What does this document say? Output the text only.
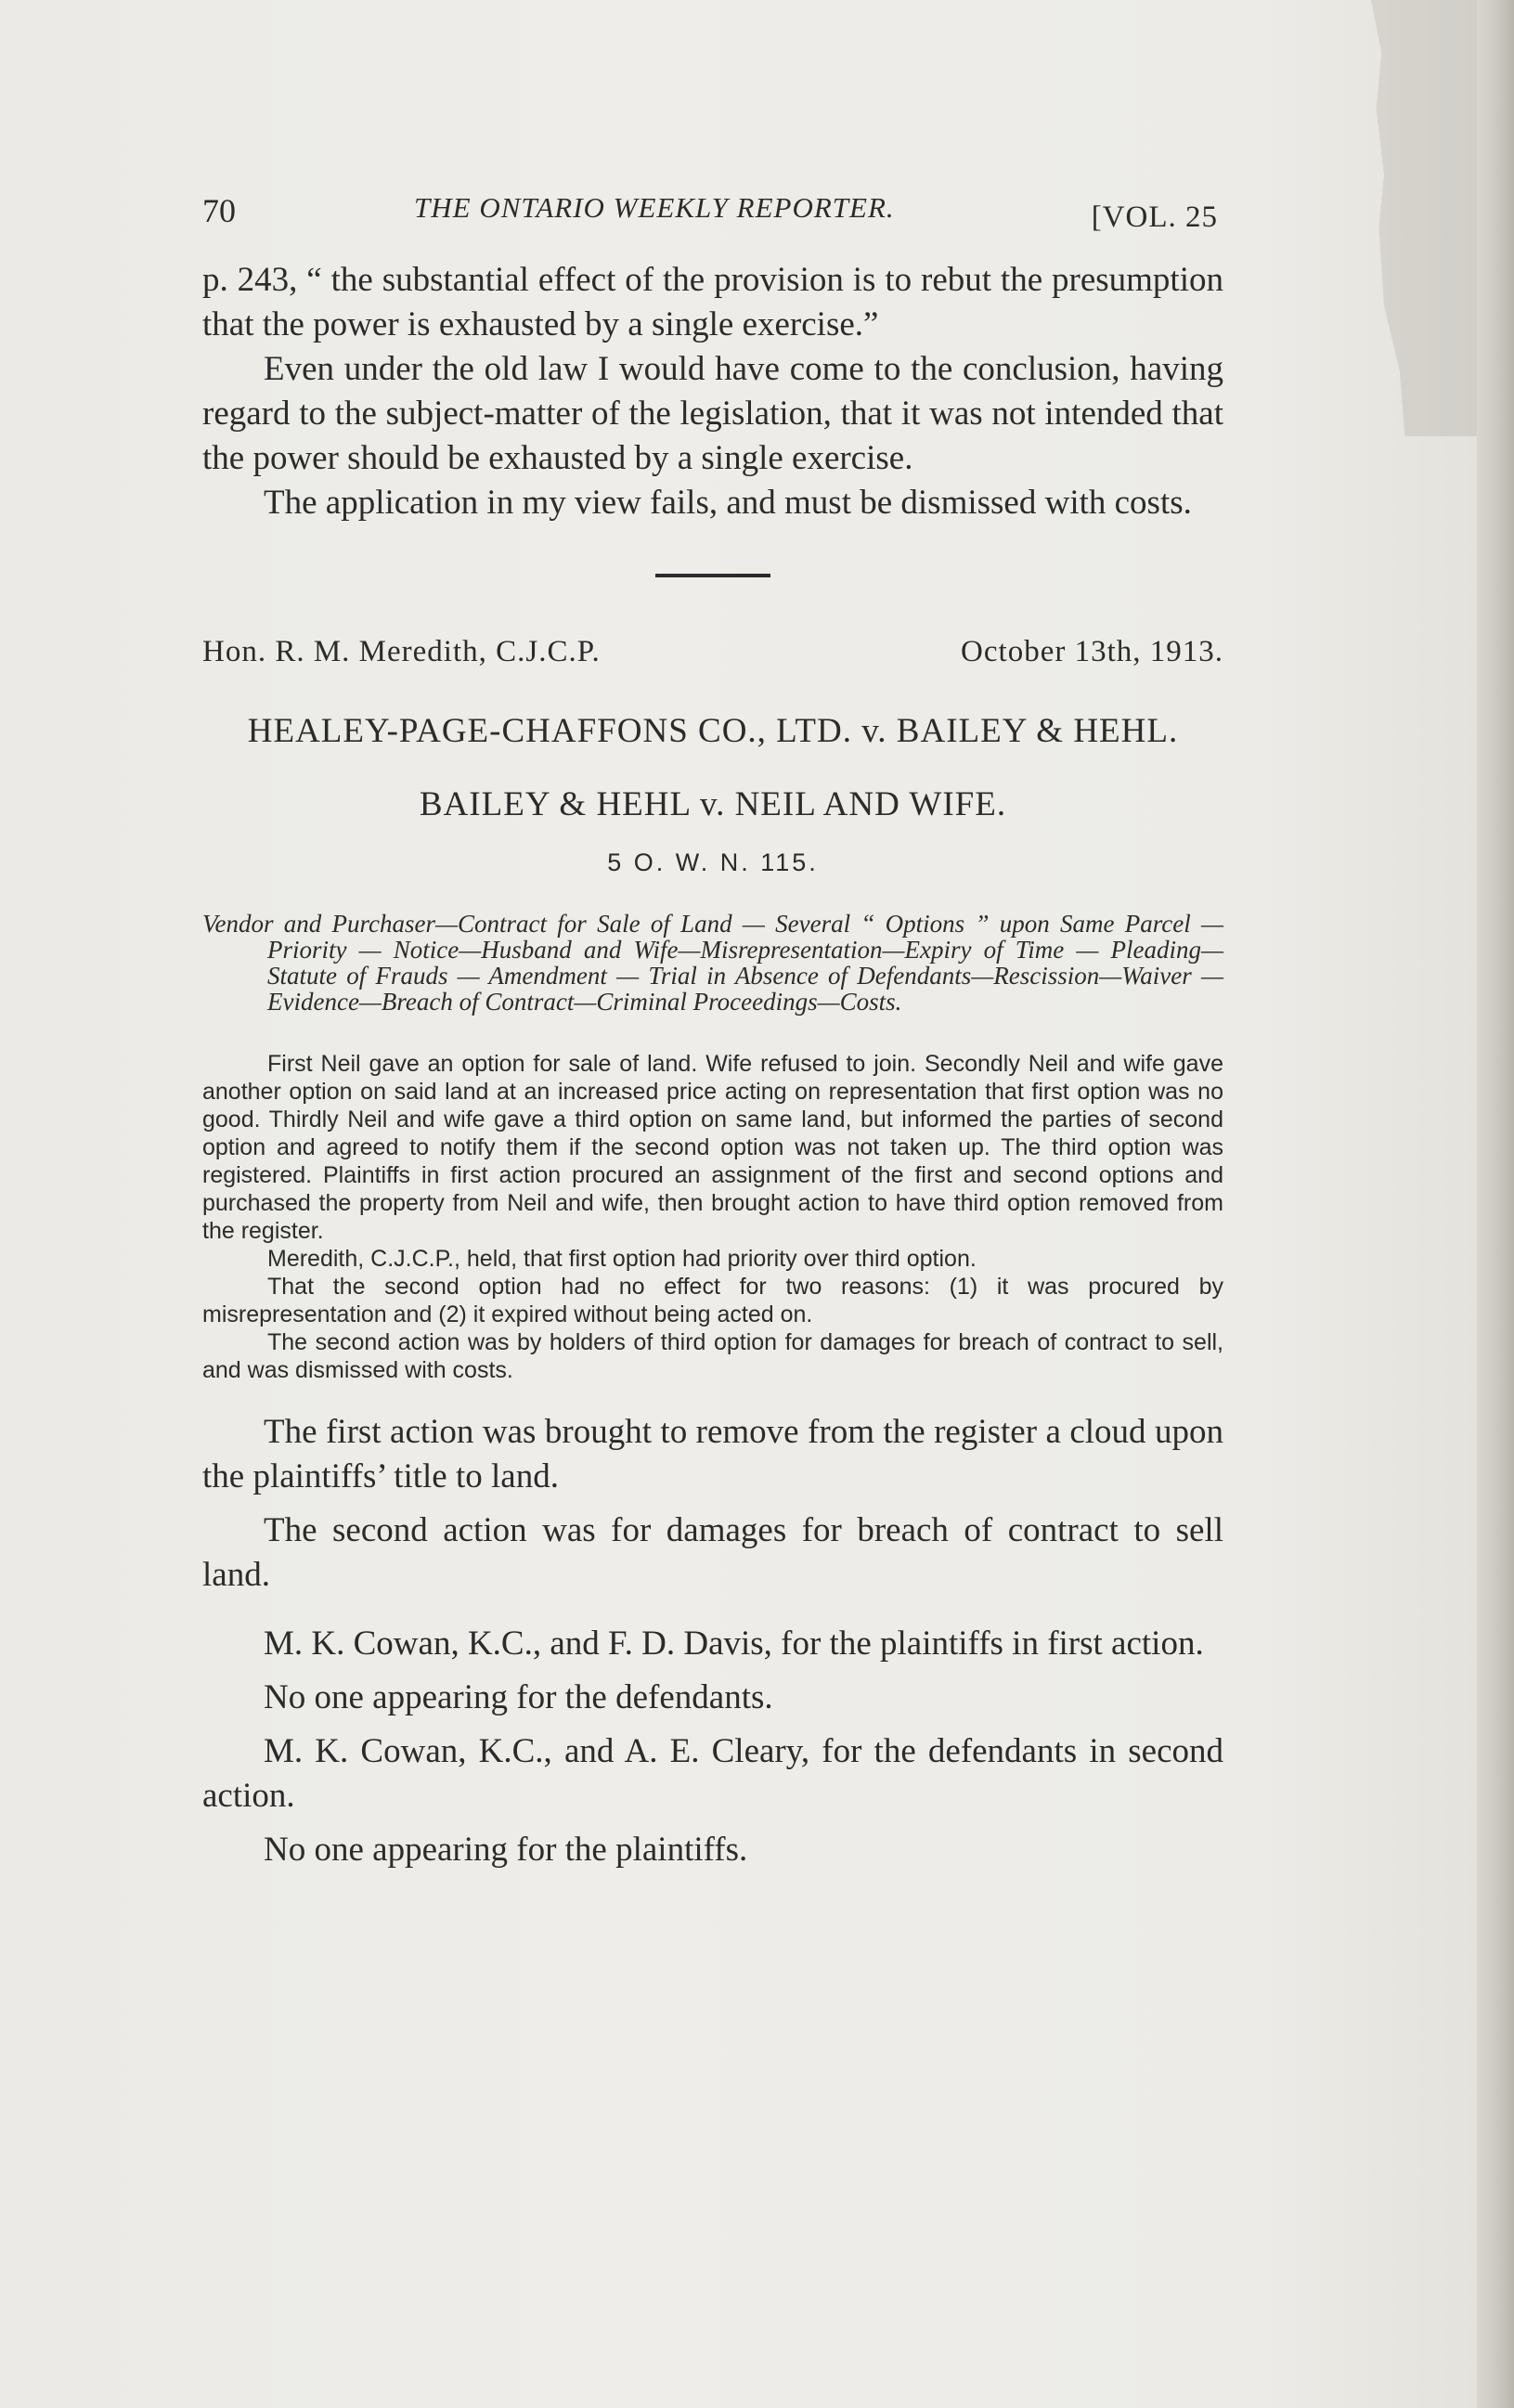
70	THE ONTARIO WEEKLY REPORTER.	[VOL. 25

p. 243, “ the substantial effect of the provision is to rebut the presumption that the power is exhausted by a single exercise.”

Even under the old law I would have come to the conclusion, having regard to the subject-matter of the legislation, that it was not intended that the power should be exhausted by a single exercise.

The application in my view fails, and must be dismissed with costs.

Hon. R. M. Meredith, C.J.C.P.	October 13th, 1913.

HEALEY-PAGE-CHAFFONS CO., LTD. v. BAILEY & HEHL.

BAILEY & HEHL v. NEIL AND WIFE.

5 O. W. N. 115.

Vendor and Purchaser—Contract for Sale of Land — Several “ Options ” upon Same Parcel — Priority — Notice—Husband and Wife—Misrepresentation—Expiry of Time — Pleading—Statute of Frauds — Amendment — Trial in Absence of Defendants—Rescission—Waiver — Evidence—Breach of Contract—Criminal Proceedings—Costs.

First Neil gave an option for sale of land. Wife refused to join. Secondly Neil and wife gave another option on said land at an increased price acting on representation that first option was no good. Thirdly Neil and wife gave a third option on same land, but informed the parties of second option and agreed to notify them if the second option was not taken up. The third option was registered. Plaintiffs in first action procured an assignment of the first and second options and purchased the property from Neil and wife, then brought action to have third option removed from the register.

Meredith, C.J.C.P., held, that first option had priority over third option.

That the second option had no effect for two reasons: (1) it was procured by misrepresentation and (2) it expired without being acted on.

The second action was by holders of third option for damages for breach of contract to sell, and was dismissed with costs.

The first action was brought to remove from the register a cloud upon the plaintiffs’ title to land.

The second action was for damages for breach of contract to sell land.

M. K. Cowan, K.C., and F. D. Davis, for the plaintiffs in first action.

No one appearing for the defendants.

M. K. Cowan, K.C., and A. E. Cleary, for the defendants in second action.

No one appearing for the plaintiffs.
